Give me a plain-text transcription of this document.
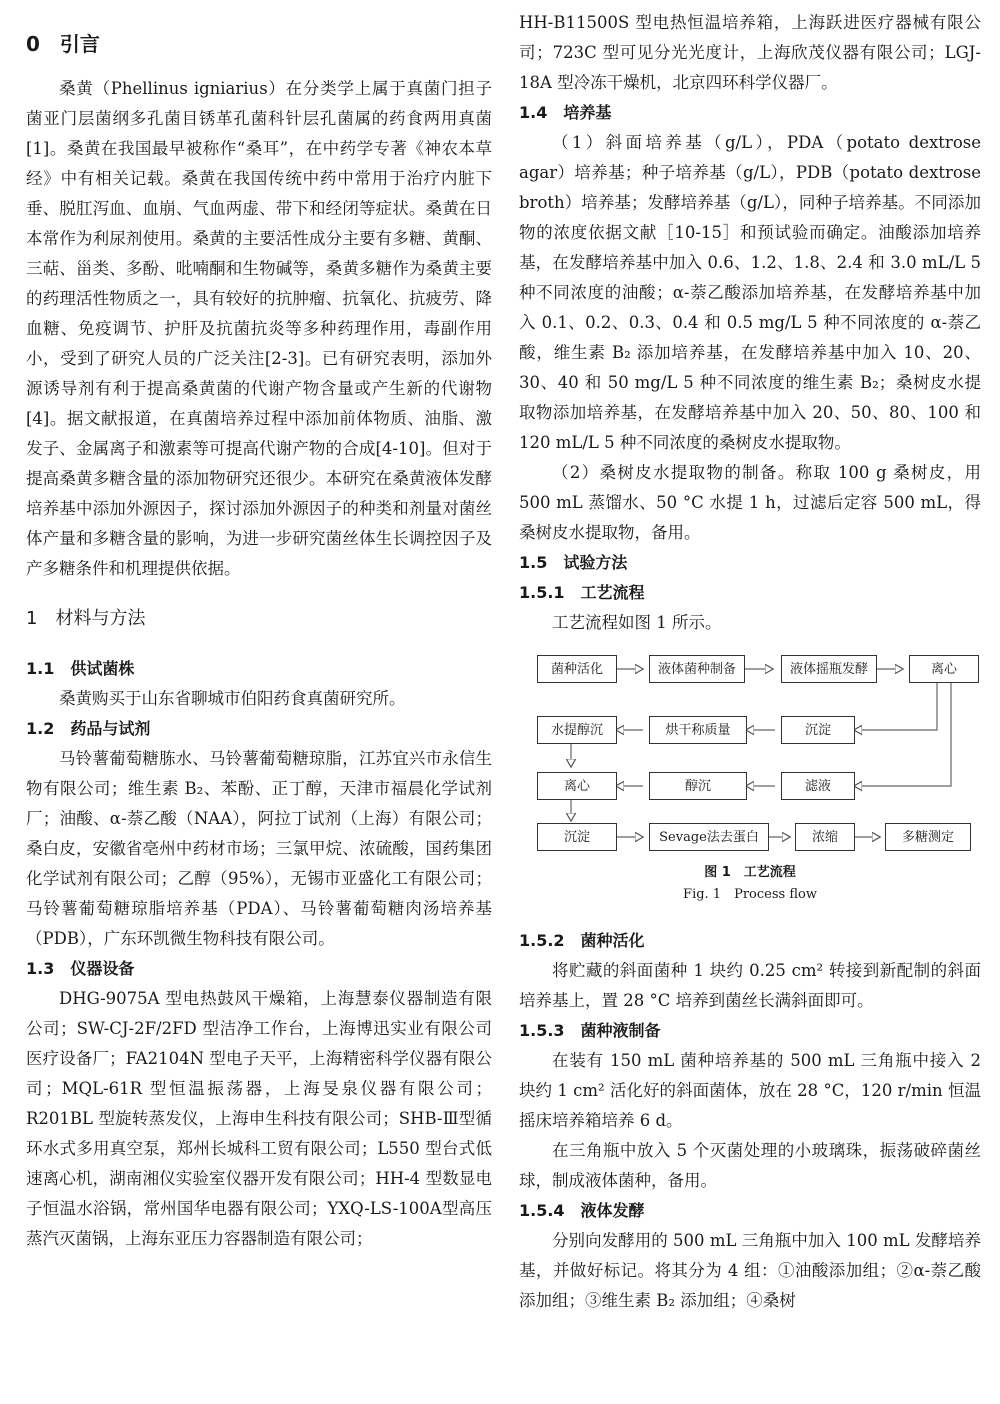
0　引言

桑黄（Phellinus igniarius）在分类学上属于真菌门担子菌亚门层菌纲多孔菌目锈革孔菌科针层孔菌属的药食两用真菌[1]。桑黄在我国最早被称作“桑耳”，在中药学专著《神农本草经》中有相关记载。桑黄在我国传统中药中常用于治疗内脏下垂、脱肛泻血、血崩、气血两虚、带下和经闭等症状。桑黄在日本常作为利尿剂使用。桑黄的主要活性成分主要有多糖、黄酮、三萜、甾类、多酚、吡喃酮和生物碱等，桑黄多糖作为桑黄主要的药理活性物质之一，具有较好的抗肿瘤、抗氧化、抗疲劳、降血糖、免疫调节、护肝及抗菌抗炎等多种药理作用，毒副作用小，受到了研究人员的广泛关注[2-3]。已有研究表明，添加外源诱导剂有利于提高桑黄菌的代谢产物含量或产生新的代谢物[4]。据文献报道，在真菌培养过程中添加前体物质、油脂、激发子、金属离子和激素等可提高代谢产物的合成[4-10]。但对于提高桑黄多糖含量的添加物研究还很少。本研究在桑黄液体发酵培养基中添加外源因子，探讨添加外源因子的种类和剂量对菌丝体产量和多糖含量的影响，为进一步研究菌丝体生长调控因子及产多糖条件和机理提供依据。

1　材料与方法
1.1　供试菌株

桑黄购买于山东省聊城市伯阳药食真菌研究所。

1.2　药品与试剂

马铃薯葡萄糖胨水、马铃薯葡萄糖琼脂，江苏宜兴市永信生物有限公司；维生素 B₂、苯酚、正丁醇，天津市福晨化学试剂厂；油酸、α-萘乙酸（NAA），阿拉丁试剂（上海）有限公司；桑白皮，安徽省亳州中药材市场；三氯甲烷、浓硫酸，国药集团化学试剂有限公司；乙醇（95%），无锡市亚盛化工有限公司；马铃薯葡萄糖琼脂培养基（PDA）、马铃薯葡萄糖肉汤培养基（PDB），广东环凯微生物科技有限公司。

1.3　仪器设备

DHG-9075A 型电热鼓风干燥箱，上海慧泰仪器制造有限公司；SW-CJ-2F/2FD 型洁净工作台，上海博迅实业有限公司医疗设备厂；FA2104N 型电子天平，上海精密科学仪器有限公司；MQL-61R 型恒温振荡器，上海旻泉仪器有限公司；R201BL 型旋转蒸发仪，上海申生科技有限公司；SHB-Ⅲ型循环水式多用真空泵，郑州长城科工贸有限公司；L550 型台式低速离心机，湖南湘仪实验室仪器开发有限公司；HH-4 型数显电子恒温水浴锅，常州国华电器有限公司；YXQ-LS-100A型高压蒸汽灭菌锅，上海东亚压力容器制造有限公司；

HH-B11500S 型电热恒温培养箱，上海跃进医疗器械有限公司；723C 型可见分光光度计，上海欣茂仪器有限公司；LGJ-18A 型冷冻干燥机，北京四环科学仪器厂。

1.4　培养基

（1）斜面培养基（g/L），PDA（potato dextrose agar）培养基；种子培养基（g/L），PDB（potato dextrose broth）培养基；发酵培养基（g/L），同种子培养基。不同添加物的浓度依据文献［10-15］和预试验而确定。油酸添加培养基，在发酵培养基中加入 0.6、1.2、1.8、2.4 和 3.0 mL/L 5 种不同浓度的油酸；α-萘乙酸添加培养基，在发酵培养基中加入 0.1、0.2、0.3、0.4 和 0.5 mg/L 5 种不同浓度的 α-萘乙酸，维生素 B₂ 添加培养基，在发酵培养基中加入 10、20、30、40 和 50 mg/L 5 种不同浓度的维生素 B₂；桑树皮水提取物添加培养基，在发酵培养基中加入 20、50、80、100 和 120 mL/L 5 种不同浓度的桑树皮水提取物。

（2）桑树皮水提取物的制备。称取 100 g 桑树皮，用 500 mL 蒸馏水、50 °C 水提 1 h，过滤后定容 500 mL，得桑树皮水提取物，备用。

1.5　试验方法
1.5.1　工艺流程

工艺流程如图 1 所示。

菌种活化	液体菌种制备	液体摇瓶发酵	离心
水提醇沉	烘干称质量	沉淀
离心	醇沉	滤液
沉淀	Sevage法去蛋白	浓缩	多糖测定

图 1　工艺流程

Fig. 1　Process flow

1.5.2　菌种活化

将贮藏的斜面菌种 1 块约 0.25 cm² 转接到新配制的斜面培养基上，置 28 °C 培养到菌丝长满斜面即可。

1.5.3　菌种液制备

在装有 150 mL 菌种培养基的 500 mL 三角瓶中接入 2 块约 1 cm² 活化好的斜面菌体，放在 28 °C，120 r/min 恒温摇床培养箱培养 6 d。

在三角瓶中放入 5 个灭菌处理的小玻璃珠，振荡破碎菌丝球，制成液体菌种，备用。

1.5.4　液体发酵

分别向发酵用的 500 mL 三角瓶中加入 100 mL 发酵培养基，并做好标记。将其分为 4 组：①油酸添加组；②α-萘乙酸添加组；③维生素 B₂ 添加组；④桑树
